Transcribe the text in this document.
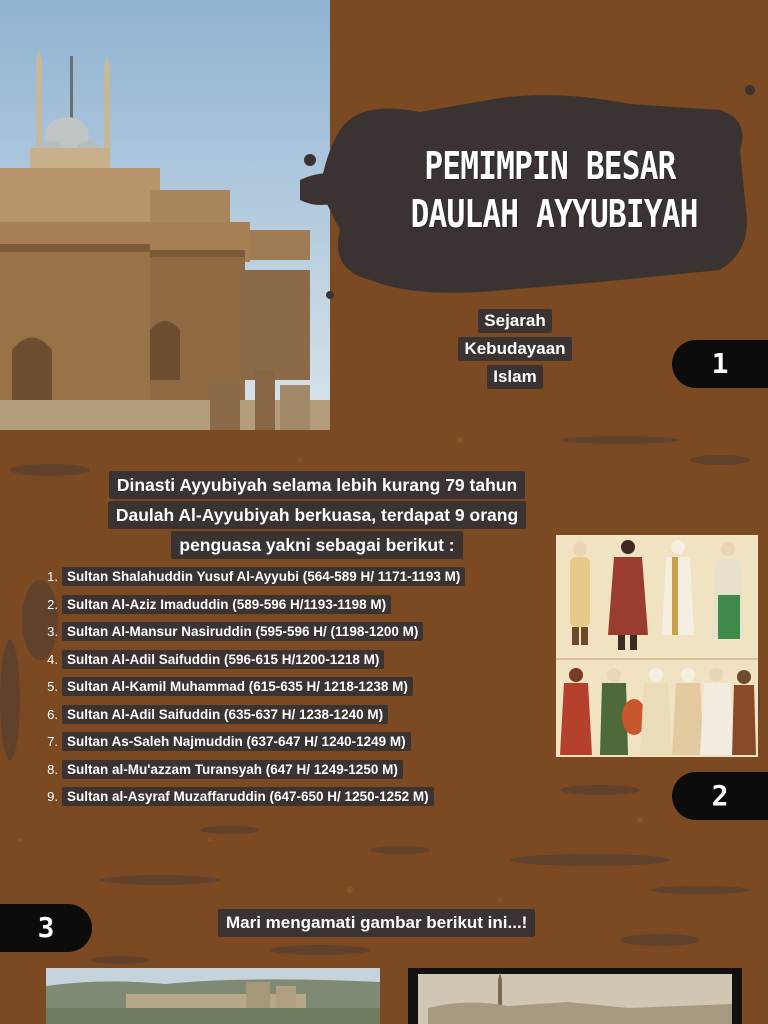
PEMIMPIN BESAR
DAULAH AYYUBIYAH
Sejarah
Kebudayaan
Islam	1
Dinasti Ayyubiyah selama lebih kurang 79 tahun
Daulah Al-Ayyubiyah berkuasa, terdapat 9 orang
penguasa yakni sebagai berikut :
1. Sultan Shalahuddin Yusuf Al-Ayyubi (564-589 H/ 1171-1193 M)
2. Sultan Al-Aziz Imaduddin (589-596 H/1193-1198 M)
3. Sultan Al-Mansur Nasiruddin (595-596 H/ (1198-1200 M)
4. Sultan Al-Adil Saifuddin (596-615 H/1200-1218 M)
5. Sultan Al-Kamil Muhammad (615-635 H/ 1218-1238 M)
6. Sultan Al-Adil Saifuddin (635-637 H/ 1238-1240 M)
7. Sultan As-Saleh Najmuddin (637-647 H/ 1240-1249 M)
8. Sultan al-Mu'azzam Turansyah (647 H/ 1249-1250 M)
9. Sultan al-Asyraf Muzaffaruddin (647-650 H/ 1250-1252 M)	2
3	Mari mengamati gambar berikut ini...!
